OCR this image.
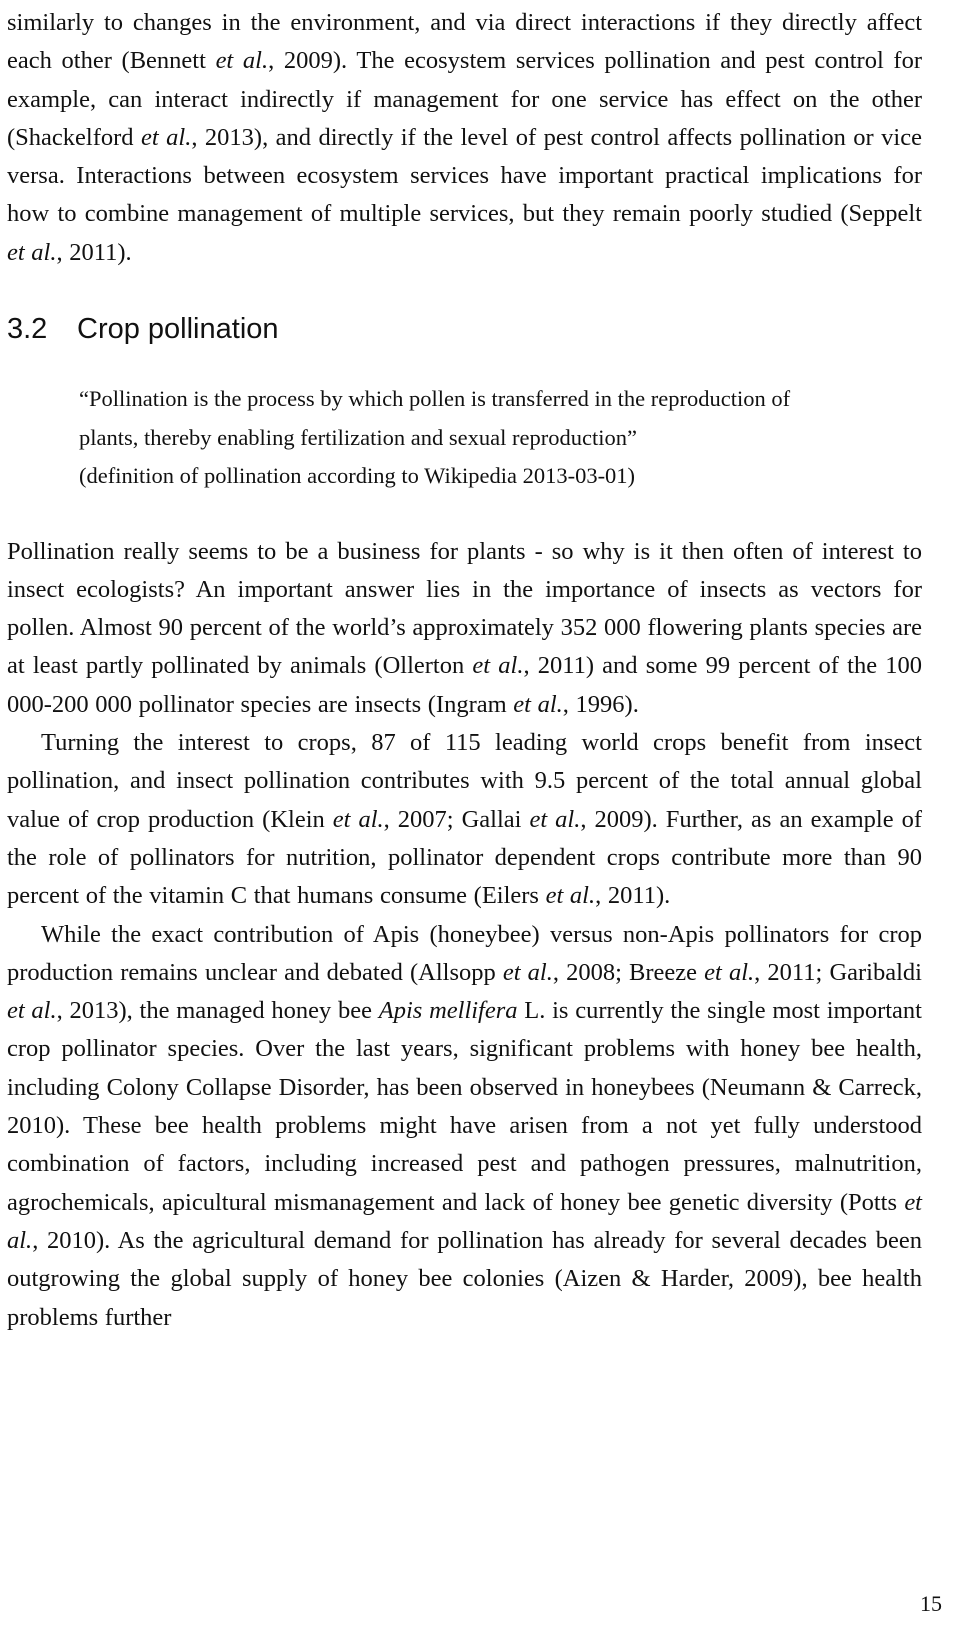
similarly to changes in the environment, and via direct interactions if they directly affect each other (Bennett et al., 2009). The ecosystem services pollination and pest control for example, can interact indirectly if management for one service has effect on the other (Shackelford et al., 2013), and directly if the level of pest control affects pollination or vice versa. Interactions between ecosystem services have important practical implications for how to combine management of multiple services, but they remain poorly studied (Seppelt et al., 2011).

3.2 Crop pollination
“Pollination is the process by which pollen is transferred in the reproduction of
plants, thereby enabling fertilization and sexual reproduction”
(definition of pollination according to Wikipedia 2013-03-01)

Pollination really seems to be a business for plants - so why is it then often of interest to insect ecologists? An important answer lies in the importance of insects as vectors for pollen. Almost 90 percent of the world’s approximately 352 000 flowering plants species are at least partly pollinated by animals (Ollerton et al., 2011) and some 99 percent of the 100 000-200 000 pollinator species are insects (Ingram et al., 1996).

Turning the interest to crops, 87 of 115 leading world crops benefit from insect pollination, and insect pollination contributes with 9.5 percent of the total annual global value of crop production (Klein et al., 2007; Gallai et al., 2009). Further, as an example of the role of pollinators for nutrition, pollinator dependent crops contribute more than 90 percent of the vitamin C that humans consume (Eilers et al., 2011).

While the exact contribution of Apis (honeybee) versus non-Apis pollinators for crop production remains unclear and debated (Allsopp et al., 2008; Breeze et al., 2011; Garibaldi et al., 2013), the managed honey bee Apis mellifera L. is currently the single most important crop pollinator species. Over the last years, significant problems with honey bee health, including Colony Collapse Disorder, has been observed in honeybees (Neumann & Carreck, 2010). These bee health problems might have arisen from a not yet fully understood combination of factors, including increased pest and pathogen pressures, malnutrition, agrochemicals, apicultural mismanagement and lack of honey bee genetic diversity (Potts et al., 2010). As the agricultural demand for pollination has already for several decades been outgrowing the global supply of honey bee colonies (Aizen & Harder, 2009), bee health problems further

15
